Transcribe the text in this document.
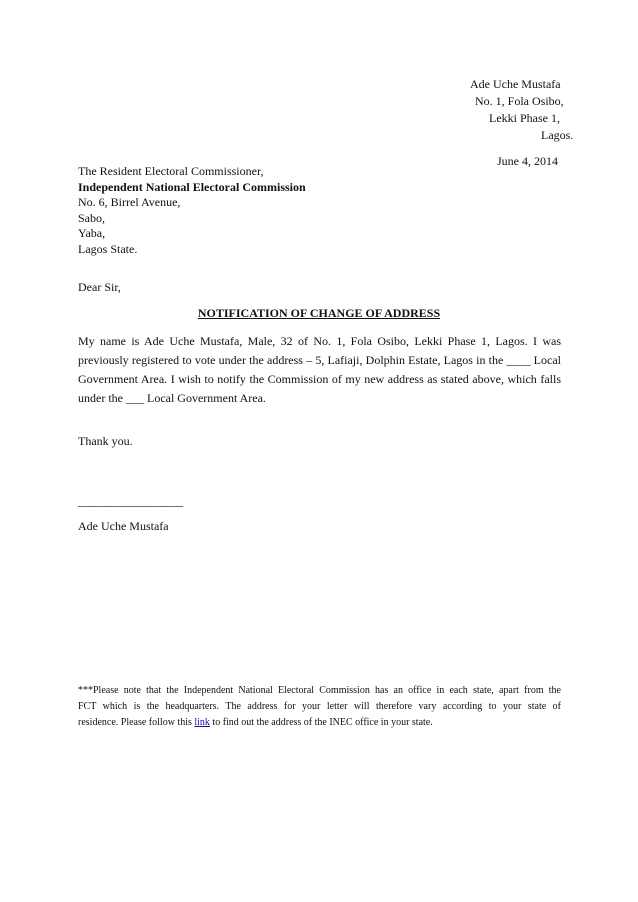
Ade Uche Mustafa
No. 1, Fola Osibo,
Lekki Phase 1,
Lagos.
June 4, 2014
The Resident Electoral Commissioner,
Independent National Electoral Commission
No. 6, Birrel Avenue,
Sabo,
Yaba,
Lagos State.
Dear Sir,
NOTIFICATION OF CHANGE OF ADDRESS
My name is Ade Uche Mustafa, Male, 32 of No. 1, Fola Osibo, Lekki Phase 1, Lagos. I was
previously registered to vote under the address – 5, Lafiaji, Dolphin Estate, Lagos in the ____ Local
Government Area. I wish to notify the Commission of my new address as stated above, which falls
under the ___ Local Government Area.
Thank you.
___________________
Ade Uche Mustafa
***Please note that the Independent National Electoral Commission has an office in each state, apart from the
FCT which is the headquarters. The address for your letter will therefore vary according to your state of
residence. Please follow this link to find out the address of the INEC office in your state.
